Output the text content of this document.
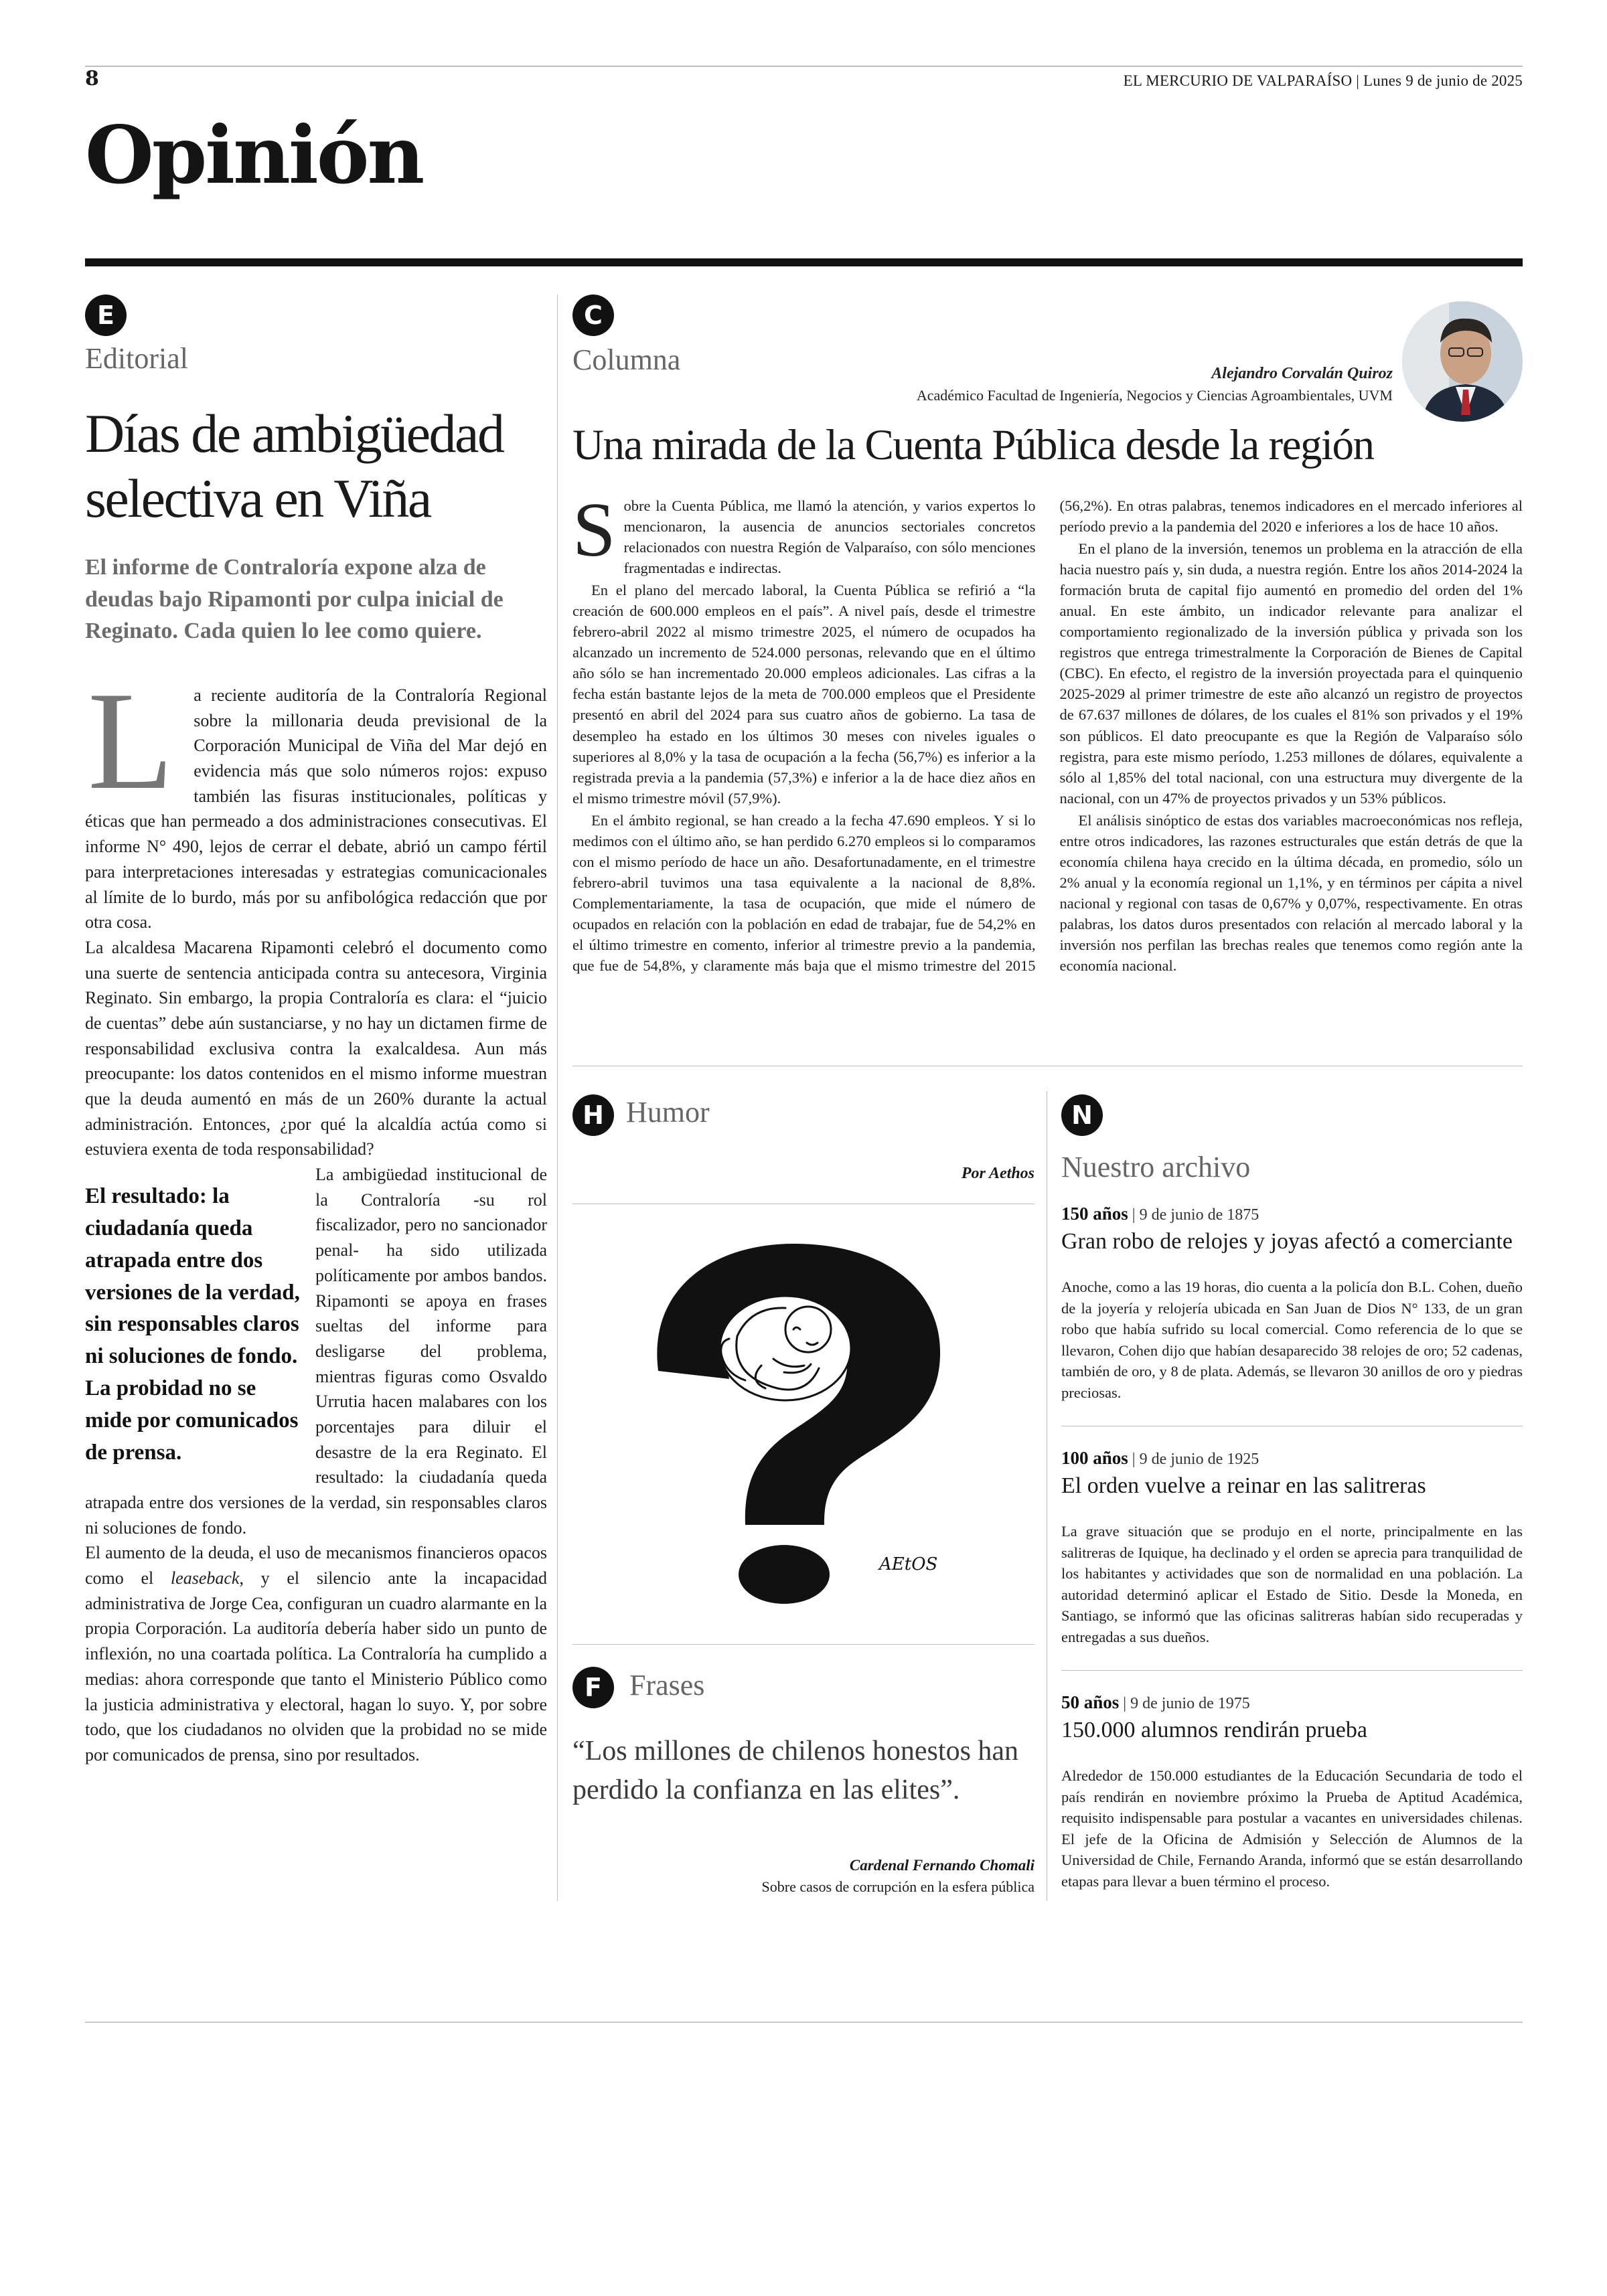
8	EL MERCURIO DE VALPARAÍSO | Lunes 9 de junio de 2025
Opinión
E
Editorial
Días de ambigüedad selectiva en Viña
El informe de Contraloría expone alza de deudas bajo Ripamonti por culpa inicial de Reginato. Cada quien lo lee como quiere.
L	a reciente auditoría de la Contraloría Regional sobre la millonaria deuda previsional de la Corporación Municipal de Viña del Mar dejó en evidencia más que solo números rojos: expuso también las fisuras institucionales, políticas y éticas que han permeado a dos administraciones consecutivas. El informe N° 490, lejos de cerrar el debate, abrió un campo fértil para interpretaciones interesadas y estrategias comunicacionales al límite de lo burdo, más por su anfibológica redacción que por otra cosa.

La alcaldesa Macarena Ripamonti celebró el documento como una suerte de sentencia anticipada contra su antecesora, Virginia Reginato. Sin embargo, la propia Contraloría es clara: el “juicio de cuentas” debe aún sustanciarse, y no hay un dictamen firme de responsabilidad exclusiva contra la exalcaldesa. Aun más preocupante: los datos contenidos en el mismo informe muestran que la deuda aumentó en más de un 260% durante la actual administración. Entonces, ¿por qué la alcaldía actúa como si estuviera exenta de toda responsabilidad?

El resultado: la ciudadanía queda atrapada entre dos versiones de la verdad, sin responsables claros ni soluciones de fondo. La probidad no se mide por comunicados de prensa.

La ambigüedad institucional de la Contraloría -su rol fiscalizador, pero no sancionador penal- ha sido utilizada políticamente por ambos bandos. Ripamonti se apoya en frases sueltas del informe para desligarse del problema, mientras figuras como Osvaldo Urrutia hacen malabares con los porcentajes para diluir el desastre de la era Reginato. El resultado: la ciudadanía queda atrapada entre dos versiones de la verdad, sin responsables claros ni soluciones de fondo.

El aumento de la deuda, el uso de mecanismos financieros opacos como el leaseback, y el silencio ante la incapacidad administrativa de Jorge Cea, configuran un cuadro alarmante en la propia Corporación. La auditoría debería haber sido un punto de inflexión, no una coartada política. La Contraloría ha cumplido a medias: ahora corresponde que tanto el Ministerio Público como la justicia administrativa y electoral, hagan lo suyo. Y, por sobre todo, que los ciudadanos no olviden que la probidad no se mide por comunicados de prensa, sino por resultados.

C
Columna	Alejandro Corvalán Quiroz
Académico Facultad de Ingeniería, Negocios y Ciencias Agroambientales, UVM
Una mirada de la Cuenta Pública desde la región

Sobre la Cuenta Pública, me llamó la atención, y varios expertos lo mencionaron, la ausencia de anuncios sectoriales concretos relacionados con nuestra Región de Valparaíso, con sólo menciones fragmentadas e indirectas.

En el plano del mercado laboral, la Cuenta Pública se refirió a “la creación de 600.000 empleos en el país”. A nivel país, desde el trimestre febrero-abril 2022 al mismo trimestre 2025, el número de ocupados ha alcanzado un incremento de 524.000 personas, relevando que en el último año sólo se han incrementado 20.000 empleos adicionales. Las cifras a la fecha están bastante lejos de la meta de 700.000 empleos que el Presidente presentó en abril del 2024 para sus cuatro años de gobierno. La tasa de desempleo ha estado en los últimos 30 meses con niveles iguales o superiores al 8,0% y la tasa de ocupación a la fecha (56,7%) es inferior a la registrada previa a la pandemia (57,3%) e inferior a la de hace diez años en el mismo trimestre móvil (57,9%).

En el ámbito regional, se han creado a la fecha 47.690 empleos. Y si lo medimos con el último año, se han perdido 6.270 empleos si lo comparamos con el mismo período de hace un año. Desafortunadamente, en el trimestre febrero-abril tuvimos una tasa equivalente a la nacional de 8,8%. Complementariamente, la tasa de ocupación, que mide el número de ocupados en relación con la población en edad de trabajar, fue de 54,2% en el último trimestre en comento, inferior al trimestre previo a la pandemia, que fue de 54,8%, y claramente más baja que el mismo trimestre del 2015 (56,2%). En otras palabras, tenemos indicadores en el mercado inferiores al período previo a la pandemia del 2020 e inferiores a los de hace 10 años.

En el plano de la inversión, tenemos un problema en la atracción de ella hacia nuestro país y, sin duda, a nuestra región. Entre los años 2014-2024 la formación bruta de capital fijo aumentó en promedio del orden del 1% anual. En este ámbito, un indicador relevante para analizar el comportamiento regionalizado de la inversión pública y privada son los registros que entrega trimestralmente la Corporación de Bienes de Capital (CBC). En efecto, el registro de la inversión proyectada para el quinquenio 2025-2029 al primer trimestre de este año alcanzó un registro de proyectos de 67.637 millones de dólares, de los cuales el 81% son privados y el 19% son públicos. El dato preocupante es que la Región de Valparaíso sólo registra, para este mismo período, 1.253 millones de dólares, equivalente a sólo al 1,85% del total nacional, con una estructura muy divergente de la nacional, con un 47% de proyectos privados y un 53% públicos.

El análisis sinóptico de estas dos variables macroeconómicas nos refleja, entre otros indicadores, las razones estructurales que están detrás de que la economía chilena haya crecido en la última década, en promedio, sólo un 2% anual y la economía regional un 1,1%, y en términos per cápita a nivel nacional y regional con tasas de 0,67% y 0,07%, respectivamente. En otras palabras, los datos duros presentados con relación al mercado laboral y la inversión nos perfilan las brechas reales que tenemos como región ante la economía nacional.

H Humor
Por Aethos
AEtOS
F Frases
“Los millones de chilenos honestos han perdido la confianza en las elites”.
Cardenal Fernando Chomali
Sobre casos de corrupción en la esfera pública
N
Nuestro archivo
150 años | 9 de junio de 1875
Gran robo de relojes y joyas afectó a comerciante
Anoche, como a las 19 horas, dio cuenta a la policía don B.L. Cohen, dueño de la joyería y relojería ubicada en San Juan de Dios N° 133, de un gran robo que había sufrido su local comercial. Como referencia de lo que se llevaron, Cohen dijo que habían desaparecido 38 relojes de oro; 52 cadenas, también de oro, y 8 de plata. Además, se llevaron 30 anillos de oro y piedras preciosas.
100 años | 9 de junio de 1925
El orden vuelve a reinar en las salitreras
La grave situación que se produjo en el norte, principalmente en las salitreras de Iquique, ha declinado y el orden se aprecia para tranquilidad de los habitantes y actividades que son de normalidad en una población. La autoridad determinó aplicar el Estado de Sitio. Desde la Moneda, en Santiago, se informó que las oficinas salitreras habían sido recuperadas y entregadas a sus dueños.
50 años | 9 de junio de 1975
150.000 alumnos rendirán prueba
Alrededor de 150.000 estudiantes de la Educación Secundaria de todo el país rendirán en noviembre próximo la Prueba de Aptitud Académica, requisito indispensable para postular a vacantes en universidades chilenas. El jefe de la Oficina de Admisión y Selección de Alumnos de la Universidad de Chile, Fernando Aranda, informó que se están desarrollando etapas para llevar a buen término el proceso.
